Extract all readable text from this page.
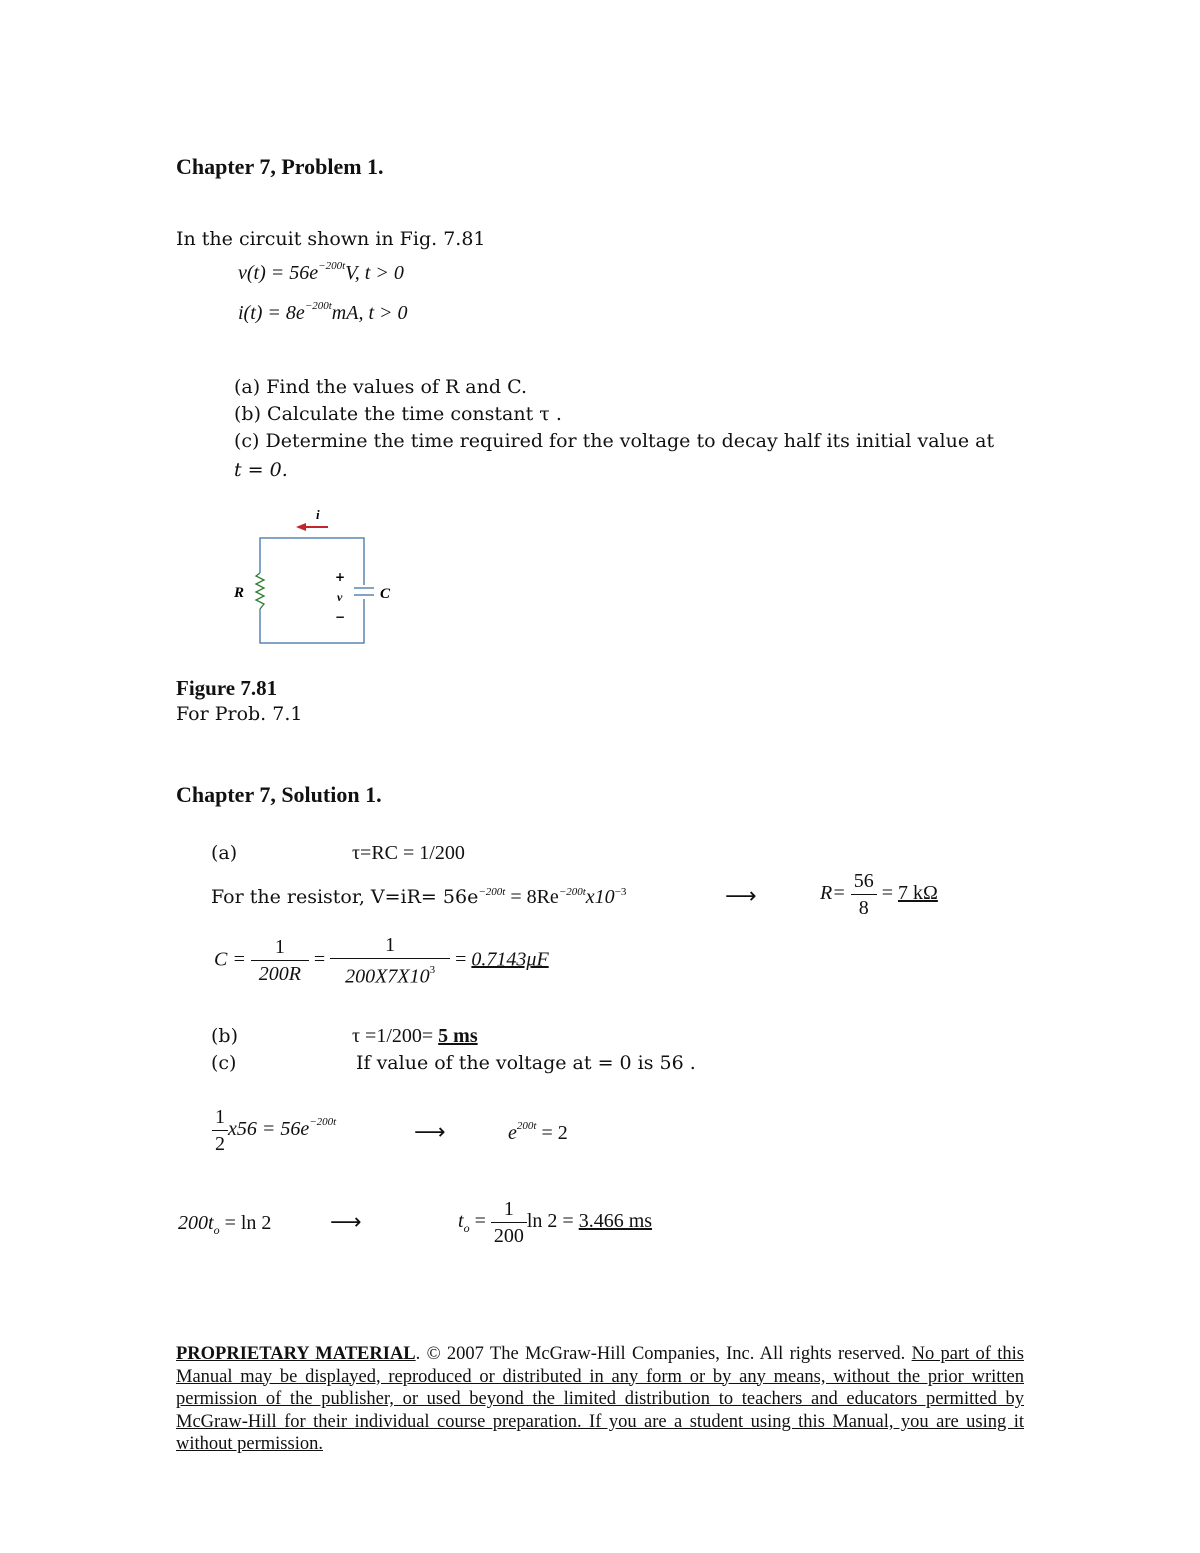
Chapter 7, Problem 1.
In the circuit shown in Fig. 7.81
$v(t) = 56e^{-200t}V$, t > 0
$i(t) = 8e^{-200t}mA$, t > 0
(a) Find the values of R and C.
(b) Calculate the time constant τ .
(c) Determine the time required for the voltage to decay half its initial value at
t = 0.
i
R
+
v
−
C
Figure 7.81
For Prob. 7.1
Chapter 7, Solution 1.
(a)	τ=RC = 1/200
For the resistor, $V=iR= 56e^{-200t} = 8Re^{-200t}x10^{-3}$	⟶	$R= \frac{56}{8} = 7$ kΩ
$C = \frac{1}{200R} = \frac{1}{200X7X10^3} = 0.7143\mu F$
(b)	τ =1/200= 5 ms
(c)	If value of the voltage at = 0 is 56 .
$\frac{1}{2} x56 = 56e^{-200t}$	⟶	$e^{200t} = 2$
$200t_o = \ln 2$	⟶	$t_o = \frac{1}{200}$ ln 2 = 3.466 ms
PROPRIETARY MATERIAL. © 2007 The McGraw-Hill Companies, Inc. All rights reserved. No part of this Manual may be displayed, reproduced or distributed in any form or by any means, without the prior written permission of the publisher, or used beyond the limited distribution to teachers and educators permitted by McGraw-Hill for their individual course preparation. If you are a student using this Manual, you are using it without permission.
